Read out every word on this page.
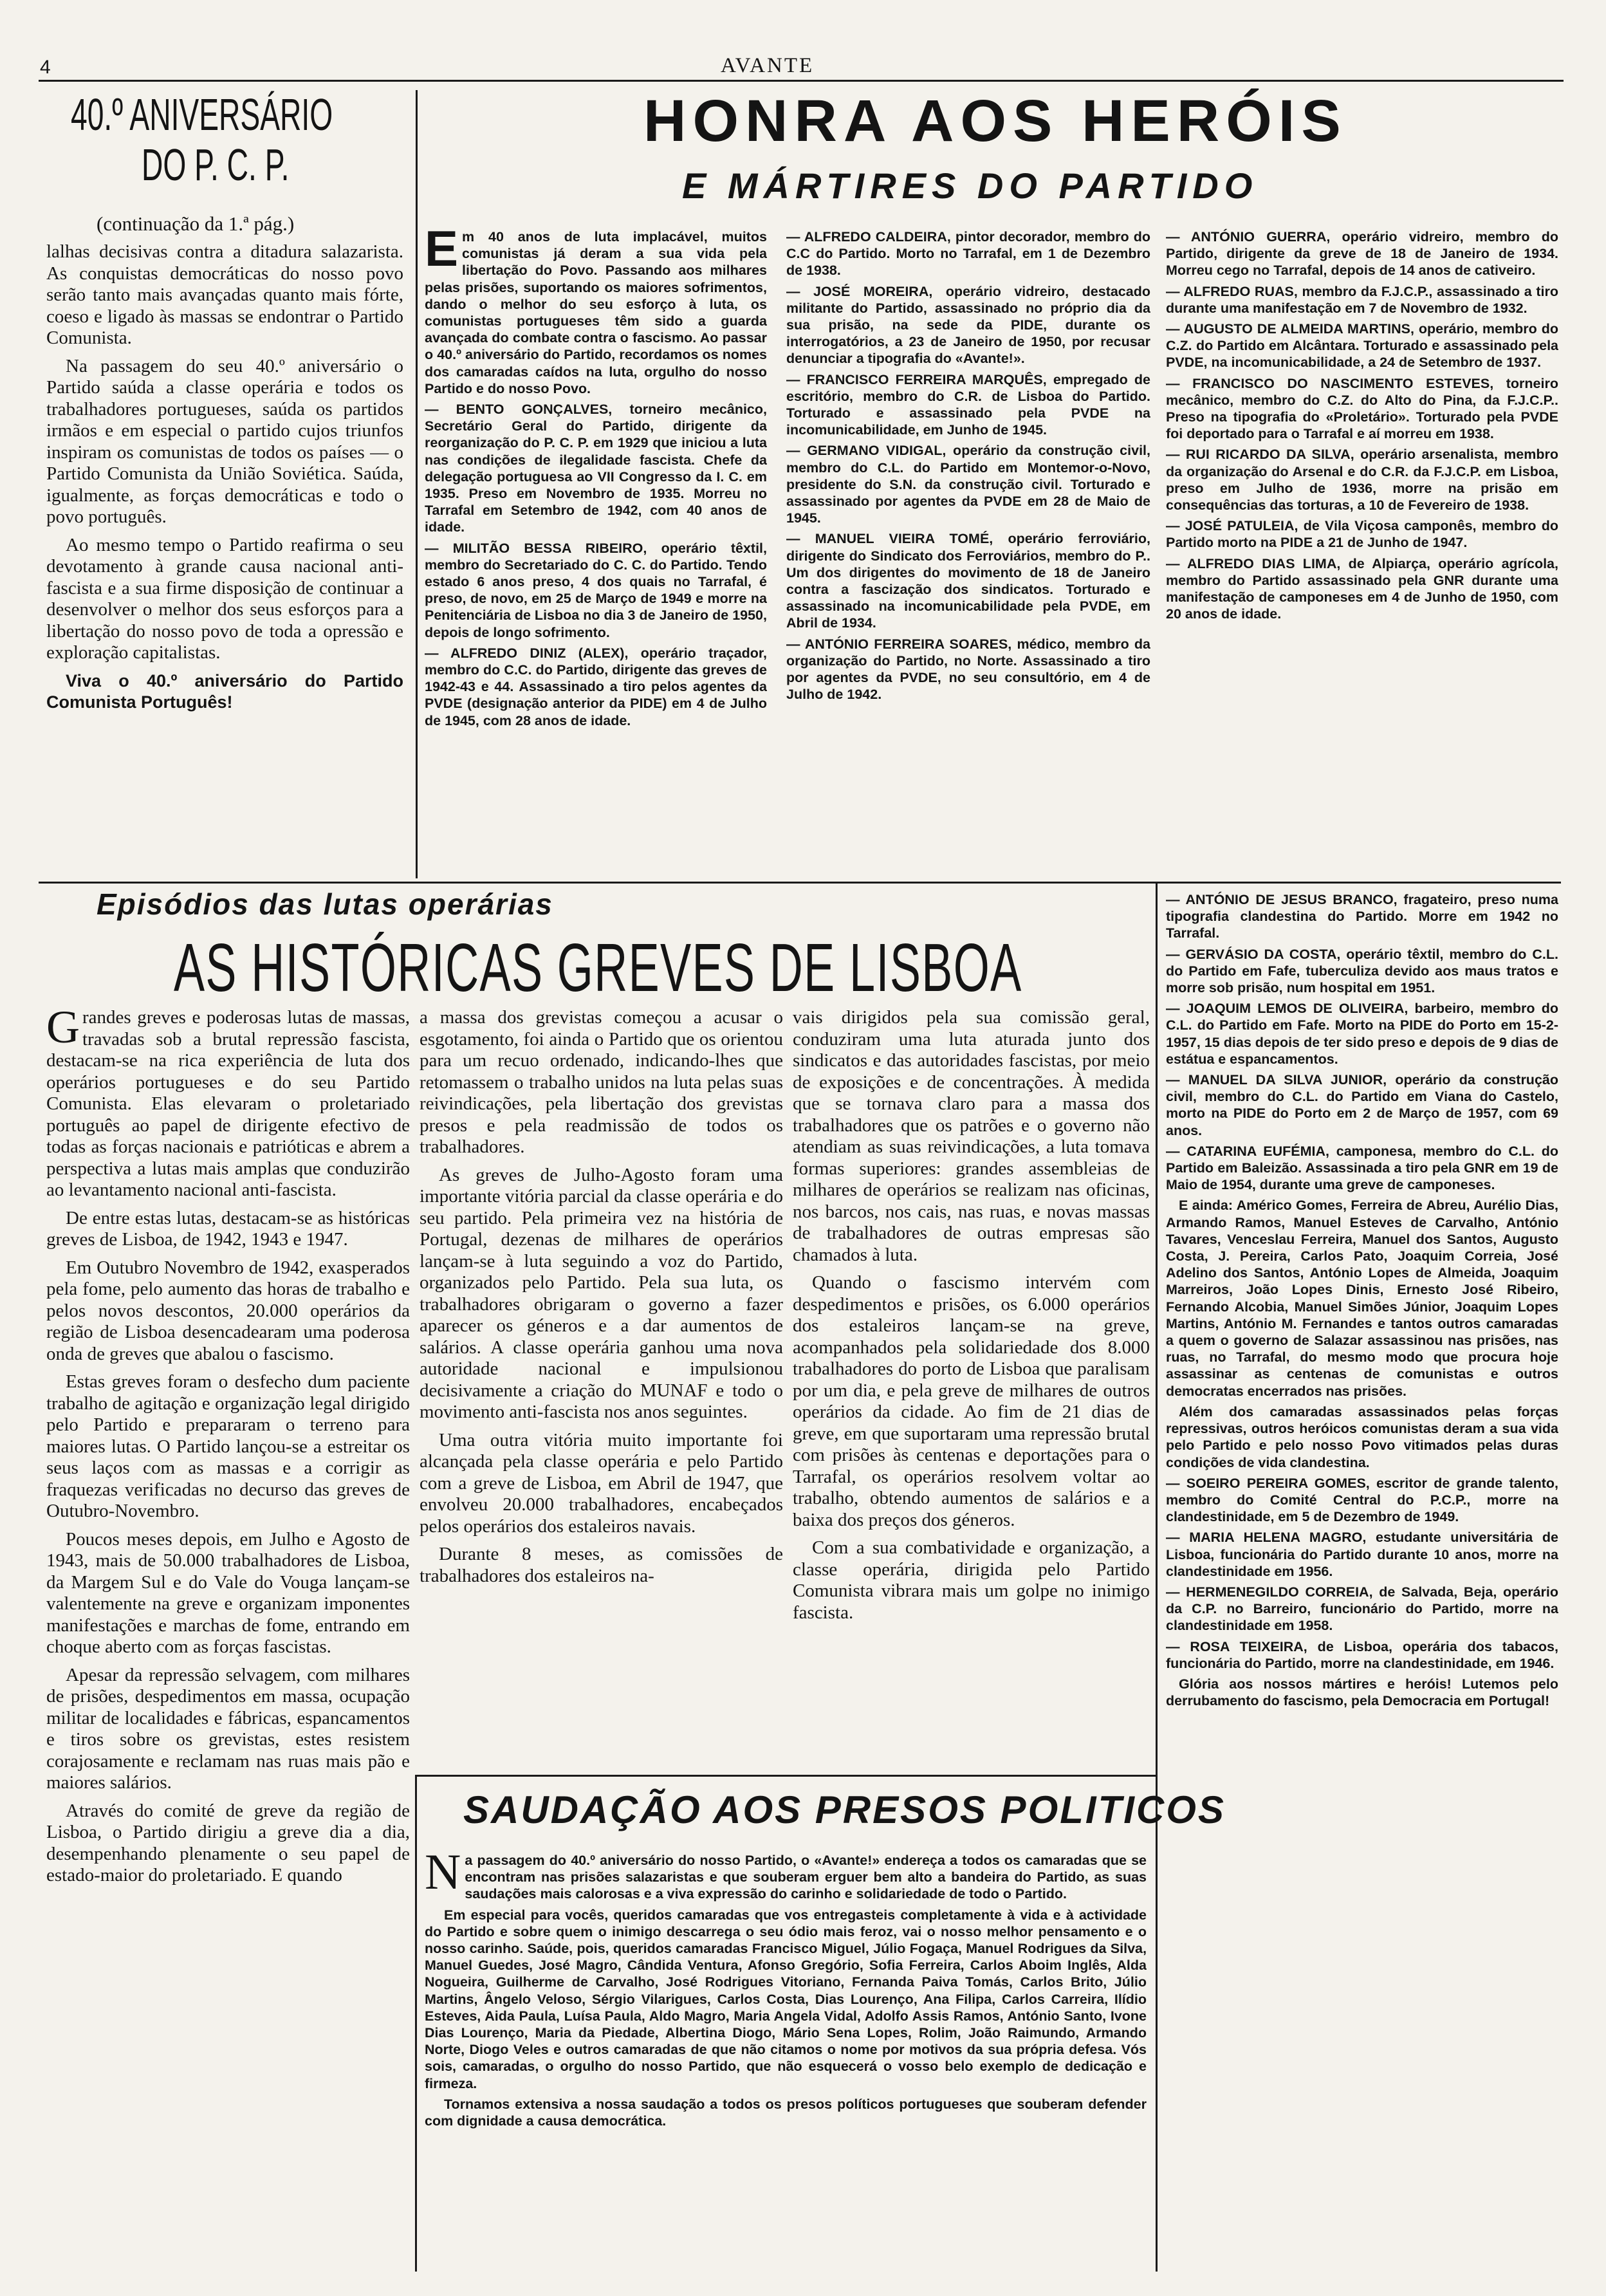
4	AVANTE
40.º ANIVERSÁRIO
DO P. C. P.
(continuação da 1.ª pág.)

lalhas decisivas contra a ditadura salazarista. As conquistas democráticas do nosso povo serão tanto mais avançadas quanto mais fórte, coeso e ligado às massas se endontrar o Partido Comunista.

Na passagem do seu 40.º aniversário o Partido saúda a classe operária e todos os trabalhadores portugueses, saúda os partidos irmãos e em especial o partido cujos triunfos inspiram os comunistas de todos os países — o Partido Comunista da União Soviética. Saúda, igualmente, as forças democráticas e todo o povo português.

Ao mesmo tempo o Partido reafirma o seu devotamento à grande causa nacional anti-fascista e a sua firme disposição de continuar a desenvolver o melhor dos seus esforços para a libertação do nosso povo de toda a opressão e exploração capitalistas.

Viva o 40.º aniversário do Partido Comunista Português!

HONRA AOS HERÓIS
E MÁRTIRES DO PARTIDO

Em 40 anos de luta implacável, muitos comunistas já deram a sua vida pela libertação do Povo. Passando aos milhares pelas prisões, suportando os maiores sofrimentos, dando o melhor do seu esforço à luta, os comunistas portugueses têm sido a guarda avançada do combate contra o fascismo. Ao passar o 40.º aniversário do Partido, recordamos os nomes dos camaradas caídos na luta, orgulho do nosso Partido e do nosso Povo.

— BENTO GONÇALVES, torneiro mecânico, Secretário Geral do Partido, dirigente da reorganização do P. C. P. em 1929 que iniciou a luta nas condições de ilegalidade fascista. Chefe da delegação portuguesa ao VII Congresso da I. C. em 1935. Preso em Novembro de 1935. Morreu no Tarrafal em Setembro de 1942, com 40 anos de idade.

— MILITÃO BESSA RIBEIRO, operário têxtil, membro do Secretariado do C. C. do Partido. Tendo estado 6 anos preso, 4 dos quais no Tarrafal, é preso, de novo, em 25 de Março de 1949 e morre na Penitenciária de Lisboa no dia 3 de Janeiro de 1950, depois de longo sofrimento.

— ALFREDO DINIZ (ALEX), operário traçador, membro do C.C. do Partido, dirigente das greves de 1942-43 e 44. Assassinado a tiro pelos agentes da PVDE (designação anterior da PIDE) em 4 de Julho de 1945, com 28 anos de idade.

— ALFREDO CALDEIRA, pintor decorador, membro do C.C do Partido. Morto no Tarrafal, em 1 de Dezembro de 1938.

— JOSÉ MOREIRA, operário vidreiro, destacado militante do Partido, assassinado no próprio dia da sua prisão, na sede da PIDE, durante os interrogatórios, a 23 de Janeiro de 1950, por recusar denunciar a tipografia do «Avante!».

— FRANCISCO FERREIRA MARQUÊS, empregado de escritório, membro do C.R. de Lisboa do Partido. Torturado e assassinado pela PVDE na incomunicabilidade, em Junho de 1945.

— GERMANO VIDIGAL, operário da construção civil, membro do C.L. do Partido em Montemor-o-Novo, presidente do S.N. da construção civil. Torturado e assassinado por agentes da PVDE em 28 de Maio de 1945.

— MANUEL VIEIRA TOMÉ, operário ferroviário, dirigente do Sindicato dos Ferroviários, membro do P.. Um dos dirigentes do movimento de 18 de Janeiro contra a fascização dos sindicatos. Torturado e assassinado na incomunicabilidade pela PVDE, em Abril de 1934.

— ANTÓNIO FERREIRA SOARES, médico, membro da organização do Partido, no Norte. Assassinado a tiro por agentes da PVDE, no seu consultório, em 4 de Julho de 1942.

— ANTÓNIO GUERRA, operário vidreiro, membro do Partido, dirigente da greve de 18 de Janeiro de 1934. Morreu cego no Tarrafal, depois de 14 anos de cativeiro.

— ALFREDO RUAS, membro da F.J.C.P., assassinado a tiro durante uma manifestação em 7 de Novembro de 1932.

— AUGUSTO DE ALMEIDA MARTINS, operário, membro do C.Z. do Partido em Alcântara. Torturado e assassinado pela PVDE, na incomunicabilidade, a 24 de Setembro de 1937.

— FRANCISCO DO NASCIMENTO ESTEVES, torneiro mecânico, membro do C.Z. do Alto do Pina, da F.J.C.P.. Preso na tipografia do «Proletário». Torturado pela PVDE foi deportado para o Tarrafal e aí morreu em 1938.

— RUI RICARDO DA SILVA, operário arsenalista, membro da organização do Arsenal e do C.R. da F.J.C.P. em Lisboa, preso em Julho de 1936, morre na prisão em consequências das torturas, a 10 de Fevereiro de 1938.

— JOSÉ PATULEIA, de Vila Viçosa camponês, membro do Partido morto na PIDE a 21 de Junho de 1947.

— ALFREDO DIAS LIMA, de Alpiarça, operário agrícola, membro do Partido assassinado pela GNR durante uma manifestação de camponeses em 4 de Junho de 1950, com 20 anos de idade.

— ANTÓNIO DE JESUS BRANCO, fragateiro, preso numa tipografia clandestina do Partido. Morre em 1942 no Tarrafal.

— GERVÁSIO DA COSTA, operário têxtil, membro do C.L. do Partido em Fafe, tuberculiza devido aos maus tratos e morre sob prisão, num hospital em 1951.

— JOAQUIM LEMOS DE OLIVEIRA, barbeiro, membro do C.L. do Partido em Fafe. Morto na PIDE do Porto em 15-2-1957, 15 dias depois de ter sido preso e depois de 9 dias de estátua e espancamentos.

— MANUEL DA SILVA JUNIOR, operário da construção civil, membro do C.L. do Partido em Viana do Castelo, morto na PIDE do Porto em 2 de Março de 1957, com 69 anos.

— CATARINA EUFÉMIA, camponesa, membro do C.L. do Partido em Baleizão. Assassinada a tiro pela GNR em 19 de Maio de 1954, durante uma greve de camponeses.

E ainda: Américo Gomes, Ferreira de Abreu, Aurélio Dias, Armando Ramos, Manuel Esteves de Carvalho, António Tavares, Venceslau Ferreira, Manuel dos Santos, Augusto Costa, J. Pereira, Carlos Pato, Joaquim Correia, José Adelino dos Santos, António Lopes de Almeida, Joaquim Marreiros, João Lopes Dinis, Ernesto José Ribeiro, Fernando Alcobia, Manuel Simões Júnior, Joaquim Lopes Martins, António M. Fernandes e tantos outros camaradas a quem o governo de Salazar assassinou nas prisões, nas ruas, no Tarrafal, do mesmo modo que procura hoje assassinar as centenas de comunistas e outros democratas encerrados nas prisões.

Além dos camaradas assassinados pelas forças repressivas, outros heróicos comunistas deram a sua vida pelo Partido e pelo nosso Povo vitimados pelas duras condições de vida clandestina.

— SOEIRO PEREIRA GOMES, escritor de grande talento, membro do Comité Central do P.C.P., morre na clandestinidade, em 5 de Dezembro de 1949.

— MARIA HELENA MAGRO, estudante universitária de Lisboa, funcionária do Partido durante 10 anos, morre na clandestinidade em 1956.

— HERMENEGILDO CORREIA, de Salvada, Beja, operário da C.P. no Barreiro, funcionário do Partido, morre na clandestinidade em 1958.

— ROSA TEIXEIRA, de Lisboa, operária dos tabacos, funcionária do Partido, morre na clandestinidade, em 1946.

Glória aos nossos mártires e heróis! Lutemos pelo derrubamento do fascismo, pela Democracia em Portugal!

Episódios das lutas operárias
AS HISTÓRICAS GREVES DE LISBOA

Grandes greves e poderosas lutas de massas, travadas sob a brutal repressão fascista, destacam-se na rica experiência de luta dos operários portugueses e do seu Partido Comunista. Elas elevaram o proletariado português ao papel de dirigente efectivo de todas as forças nacionais e patrióticas e abrem a perspectiva a lutas mais amplas que conduzirão ao levantamento nacional anti-fascista.

De entre estas lutas, destacam-se as históricas greves de Lisboa, de 1942, 1943 e 1947.

Em Outubro Novembro de 1942, exasperados pela fome, pelo aumento das horas de trabalho e pelos novos descontos, 20.000 operários da região de Lisboa desencadearam uma poderosa onda de greves que abalou o fascismo.

Estas greves foram o desfecho dum paciente trabalho de agitação e organização legal dirigido pelo Partido e prepararam o terreno para maiores lutas. O Partido lançou-se a estreitar os seus laços com as massas e a corrigir as fraquezas verificadas no decurso das greves de Outubro-Novembro.

Poucos meses depois, em Julho e Agosto de 1943, mais de 50.000 trabalhadores de Lisboa, da Margem Sul e do Vale do Vouga lançam-se valentemente na greve e organizam imponentes manifestações e marchas de fome, entrando em choque aberto com as forças fascistas.

Apesar da repressão selvagem, com milhares de prisões, despedimentos em massa, ocupação militar de localidades e fábricas, espancamentos e tiros sobre os grevistas, estes resistem corajosamente e reclamam nas ruas mais pão e maiores salários.

Através do comité de greve da região de Lisboa, o Partido dirigiu a greve dia a dia, desempenhando plenamente o seu papel de estado-maior do proletariado. E quando

a massa dos grevistas começou a acusar o esgotamento, foi ainda o Partido que os orientou para um recuo ordenado, indicando-lhes que retomassem o trabalho unidos na luta pelas suas reivindicações, pela libertação dos grevistas presos e pela readmissão de todos os trabalhadores.

As greves de Julho-Agosto foram uma importante vitória parcial da classe operária e do seu partido. Pela primeira vez na história de Portugal, dezenas de milhares de operários lançam-se à luta seguindo a voz do Partido, organizados pelo Partido. Pela sua luta, os trabalhadores obrigaram o governo a fazer aparecer os géneros e a dar aumentos de salários. A classe operária ganhou uma nova autoridade nacional e impulsionou decisivamente a criação do MUNAF e todo o movimento anti-fascista nos anos seguintes.

Uma outra vitória muito importante foi alcançada pela classe operária e pelo Partido com a greve de Lisboa, em Abril de 1947, que envolveu 20.000 trabalhadores, encabeçados pelos operários dos estaleiros navais.

Durante 8 meses, as comissões de trabalhadores dos estaleiros na-

vais dirigidos pela sua comissão geral, conduziram uma luta aturada junto dos sindicatos e das autoridades fascistas, por meio de exposições e de concentrações. À medida que se tornava claro para a massa dos trabalhadores que os patrões e o governo não atendiam as suas reivindicações, a luta tomava formas superiores: grandes assembleias de milhares de operários se realizam nas oficinas, nos barcos, nos cais, nas ruas, e novas massas de trabalhadores de outras empresas são chamados à luta.

Quando o fascismo intervém com despedimentos e prisões, os 6.000 operários dos estaleiros lançam-se na greve, acompanhados pela solidariedade dos 8.000 trabalhadores do porto de Lisboa que paralisam por um dia, e pela greve de milhares de outros operários da cidade. Ao fim de 21 dias de greve, em que suportaram uma repressão brutal com prisões às centenas e deportações para o Tarrafal, os operários resolvem voltar ao trabalho, obtendo aumentos de salários e a baixa dos preços dos géneros.

Com a sua combatividade e organização, a classe operária, dirigida pelo Partido Comunista vibrara mais um golpe no inimigo fascista.

SAUDAÇÃO AOS PRESOS POLITICOS

Na passagem do 40.º aniversário do nosso Partido, o «Avante!» endereça a todos os camaradas que se encontram nas prisões salazaristas e que souberam erguer bem alto a bandeira do Partido, as suas saudações mais calorosas e a viva expressão do carinho e solidariedade de todo o Partido.

Em especial para vocês, queridos camaradas que vos entregasteis completamente à vida e à actividade do Partido e sobre quem o inimigo descarrega o seu ódio mais feroz, vai o nosso melhor pensamento e o nosso carinho. Saúde, pois, queridos camaradas Francisco Miguel, Júlio Fogaça, Manuel Rodrigues da Silva, Manuel Guedes, José Magro, Cândida Ventura, Afonso Gregório, Sofia Ferreira, Carlos Aboim Inglês, Alda Nogueira, Guilherme de Carvalho, José Rodrigues Vitoriano, Fernanda Paiva Tomás, Carlos Brito, Júlio Martins, Ângelo Veloso, Sérgio Vilarigues, Carlos Costa, Dias Lourenço, Ana Filipa, Carlos Carreira, Ilídio Esteves, Aida Paula, Luísa Paula, Aldo Magro, Maria Angela Vidal, Adolfo Assis Ramos, António Santo, Ivone Dias Lourenço, Maria da Piedade, Albertina Diogo, Mário Sena Lopes, Rolim, João Raimundo, Armando Norte, Diogo Veles e outros camaradas de que não citamos o nome por motivos da sua própria defesa. Vós sois, camaradas, o orgulho do nosso Partido, que não esquecerá o vosso belo exemplo de dedicação e firmeza.

Tornamos extensiva a nossa saudação a todos os presos políticos portugueses que souberam defender com dignidade a causa democrática.
